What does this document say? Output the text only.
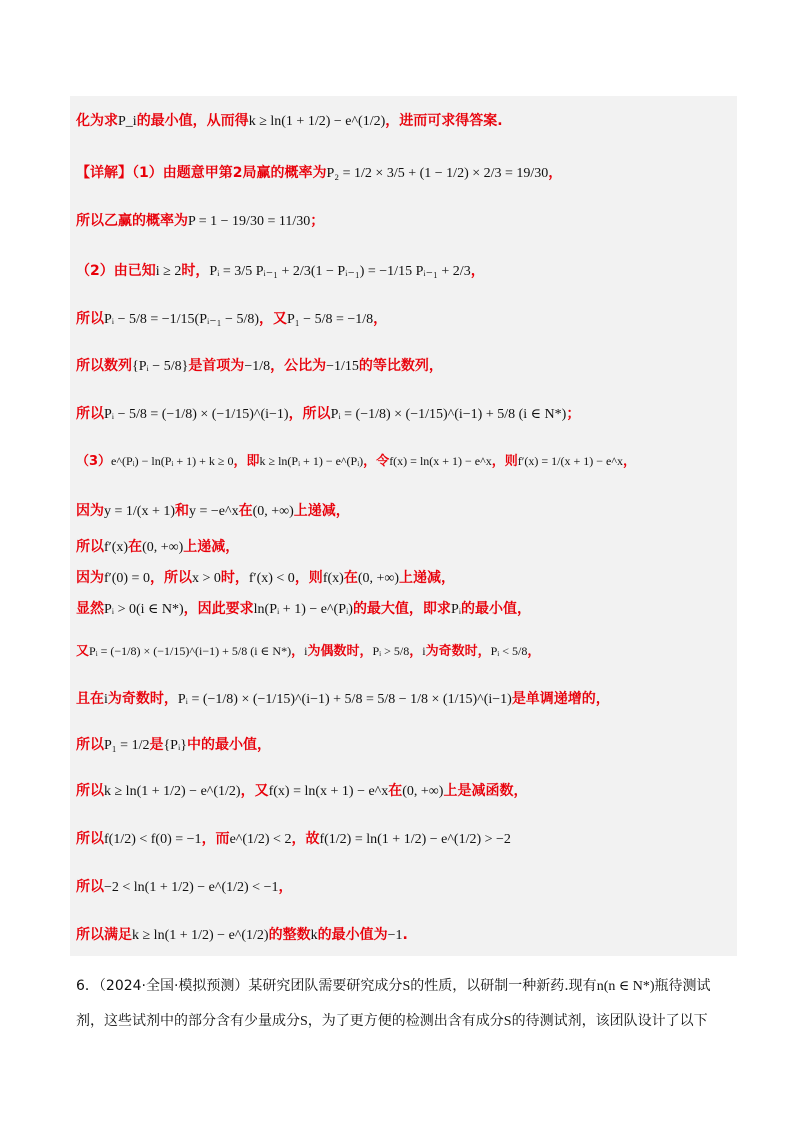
化为求P_i的最小值，从而得k ≥ ln(1 + 1/2) − e^(1/2)，进而可求得答案.
【详解】（1）由题意甲第2局赢的概率为P₂ = 1/2 × 3/5 + (1 − 1/2) × 2/3 = 19/30，
所以乙赢的概率为P = 1 − 19/30 = 11/30；
（2）由已知i ≥ 2时，Pᵢ = 3/5 Pᵢ₋₁ + 2/3(1 − Pᵢ₋₁) = −1/15 Pᵢ₋₁ + 2/3，
所以Pᵢ − 5/8 = −1/15(Pᵢ₋₁ − 5/8)，又P₁ − 5/8 = −1/8，
所以数列{Pᵢ − 5/8}是首项为−1/8，公比为−1/15的等比数列，
所以Pᵢ − 5/8 = (−1/8) × (−1/15)^(i−1)，所以Pᵢ = (−1/8) × (−1/15)^(i−1) + 5/8 (i ∈ N*)；
（3）e^(Pᵢ) − ln(Pᵢ + 1) + k ≥ 0，即k ≥ ln(Pᵢ + 1) − e^(Pᵢ)，令f(x) = ln(x + 1) − e^x，则f′(x) = 1/(x + 1) − e^x，
因为y = 1/(x + 1)和y = −e^x在(0, +∞)上递减，
所以f′(x)在(0, +∞)上递减，
因为f′(0) = 0，所以x > 0时，f′(x) < 0，则f(x)在(0, +∞)上递减，
显然Pᵢ > 0(i ∈ N*)，因此要求ln(Pᵢ + 1) − e^(Pᵢ)的最大值，即求Pᵢ的最小值，
又Pᵢ = (−1/8) × (−1/15)^(i−1) + 5/8 (i ∈ N*)，i为偶数时，Pᵢ > 5/8，i为奇数时，Pᵢ < 5/8，
且在i为奇数时，Pᵢ = (−1/8) × (−1/15)^(i−1) + 5/8 = 5/8 − 1/8 × (1/15)^(i−1)是单调递增的，
所以P₁ = 1/2是{Pᵢ}中的最小值，
所以k ≥ ln(1 + 1/2) − e^(1/2)，又f(x) = ln(x + 1) − e^x在(0, +∞)上是减函数，
所以f(1/2) < f(0) = −1，而e^(1/2) < 2，故f(1/2) = ln(1 + 1/2) − e^(1/2) > −2
所以−2 < ln(1 + 1/2) − e^(1/2) < −1，
所以满足k ≥ ln(1 + 1/2) − e^(1/2)的整数k的最小值为−1.
6．（2024·全国·模拟预测）某研究团队需要研究成分S的性质，以研制一种新药.现有n(n ∈ N*)瓶待测试
剂，这些试剂中的部分含有少量成分S，为了更方便的检测出含有成分S的待测试剂，该团队设计了以下
